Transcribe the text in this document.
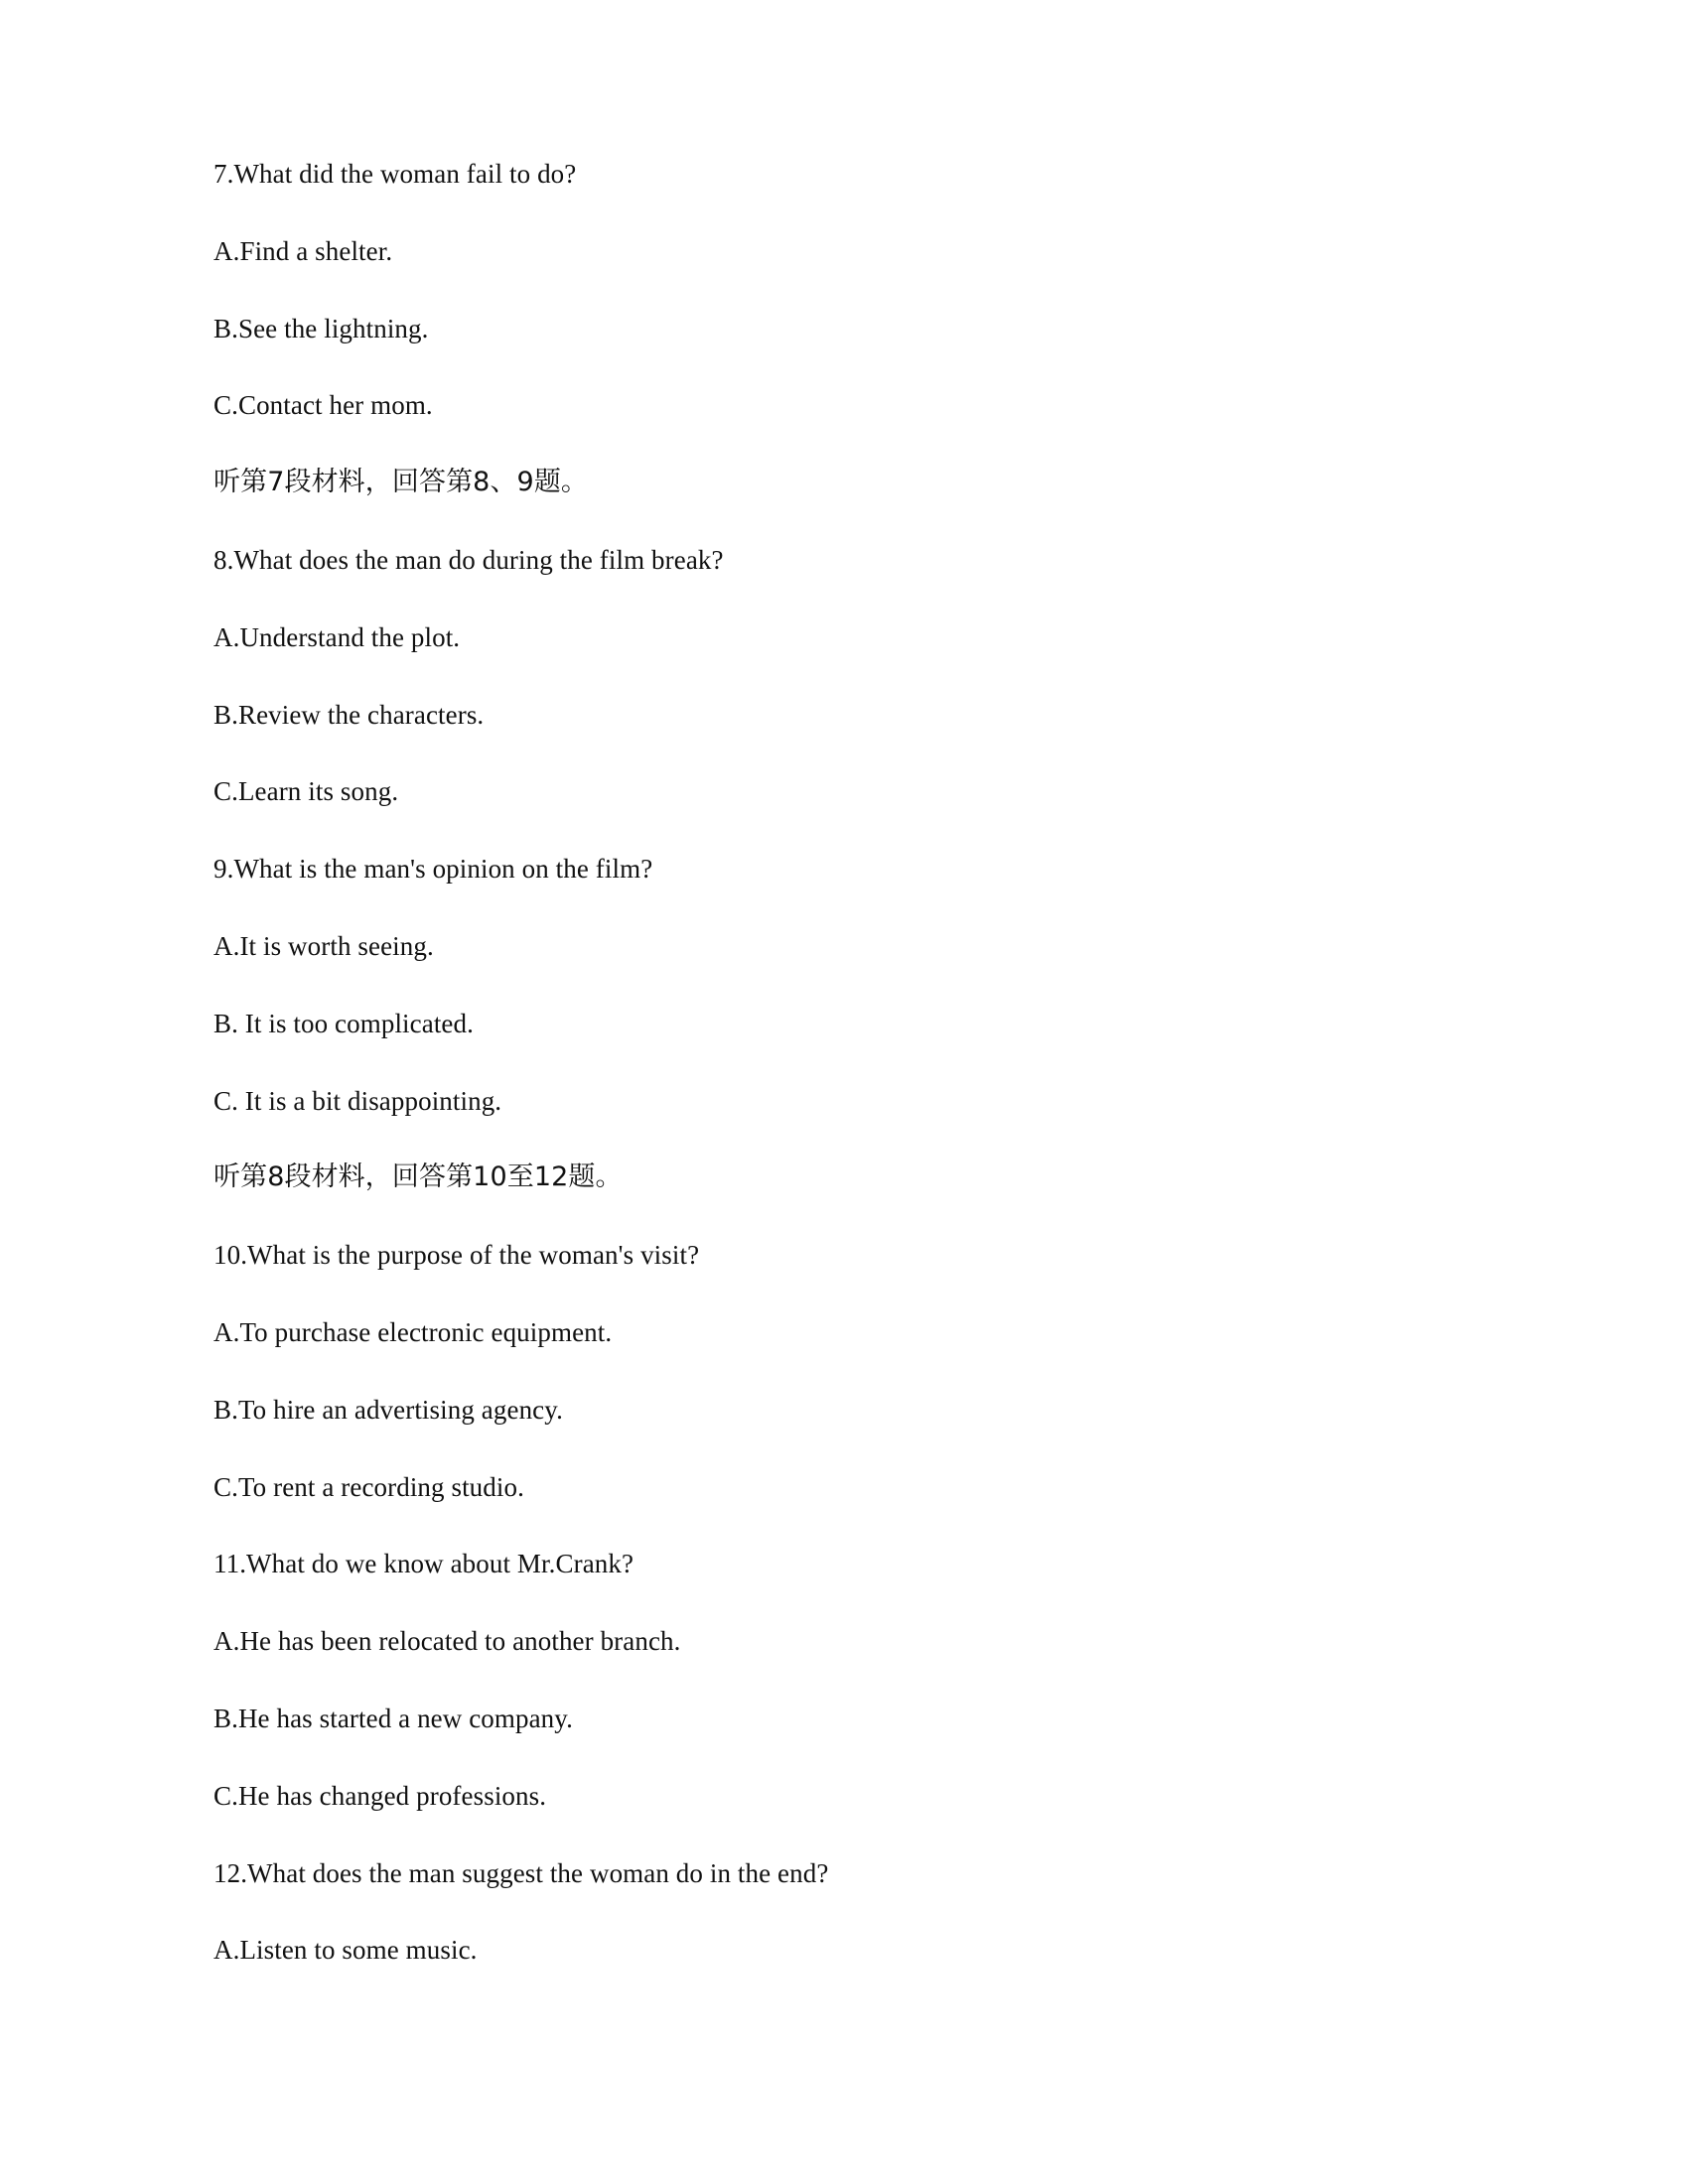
7.What did the woman fail to do?
A.Find a shelter.
B.See the lightning.
C.Contact her mom.
听第7段材料，回答第8、9题。
8.What does the man do during the film break?
A.Understand the plot.
B.Review the characters.
C.Learn its song.
9.What is the man's opinion on the film?
A.It is worth seeing.
B. It is too complicated.
C. It is a bit disappointing.
听第8段材料，回答第10至12题。
10.What is the purpose of the woman's visit?
A.To purchase electronic equipment.
B.To hire an advertising agency.
C.To rent a recording studio.
11.What do we know about Mr.Crank?
A.He has been relocated to another branch.
B.He has started a new company.
C.He has changed professions.
12.What does the man suggest the woman do in the end?
A.Listen to some music.
